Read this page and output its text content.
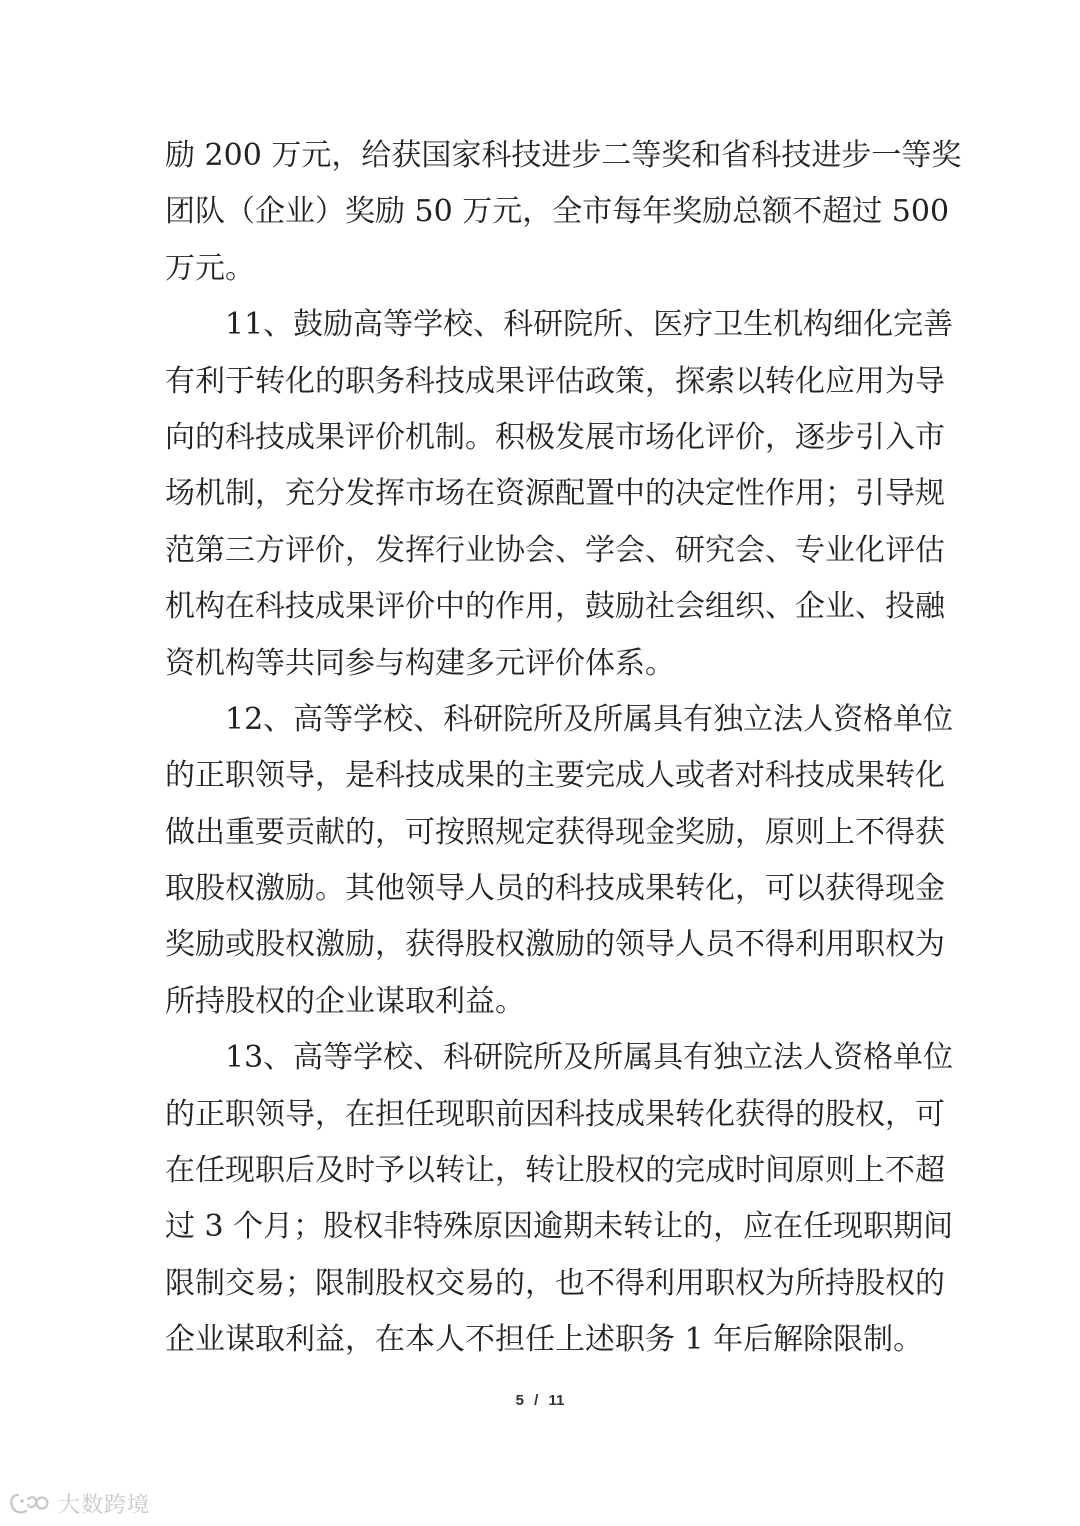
励 200 万元，给获国家科技进步二等奖和省科技进步一等奖
团队（企业）奖励 50 万元，全市每年奖励总额不超过 500
万元。
　　11、鼓励高等学校、科研院所、医疗卫生机构细化完善
有利于转化的职务科技成果评估政策，探索以转化应用为导
向的科技成果评价机制。积极发展市场化评价，逐步引入市
场机制，充分发挥市场在资源配置中的决定性作用；引导规
范第三方评价，发挥行业协会、学会、研究会、专业化评估
机构在科技成果评价中的作用，鼓励社会组织、企业、投融
资机构等共同参与构建多元评价体系。
　　12、高等学校、科研院所及所属具有独立法人资格单位
的正职领导，是科技成果的主要完成人或者对科技成果转化
做出重要贡献的，可按照规定获得现金奖励，原则上不得获
取股权激励。其他领导人员的科技成果转化，可以获得现金
奖励或股权激励，获得股权激励的领导人员不得利用职权为
所持股权的企业谋取利益。
　　13、高等学校、科研院所及所属具有独立法人资格单位
的正职领导，在担任现职前因科技成果转化获得的股权，可
在任现职后及时予以转让，转让股权的完成时间原则上不超
过 3 个月；股权非特殊原因逾期未转让的，应在任现职期间
限制交易；限制股权交易的，也不得利用职权为所持股权的
企业谋取利益，在本人不担任上述职务 1 年后解除限制。
5 / 11
大数跨境
